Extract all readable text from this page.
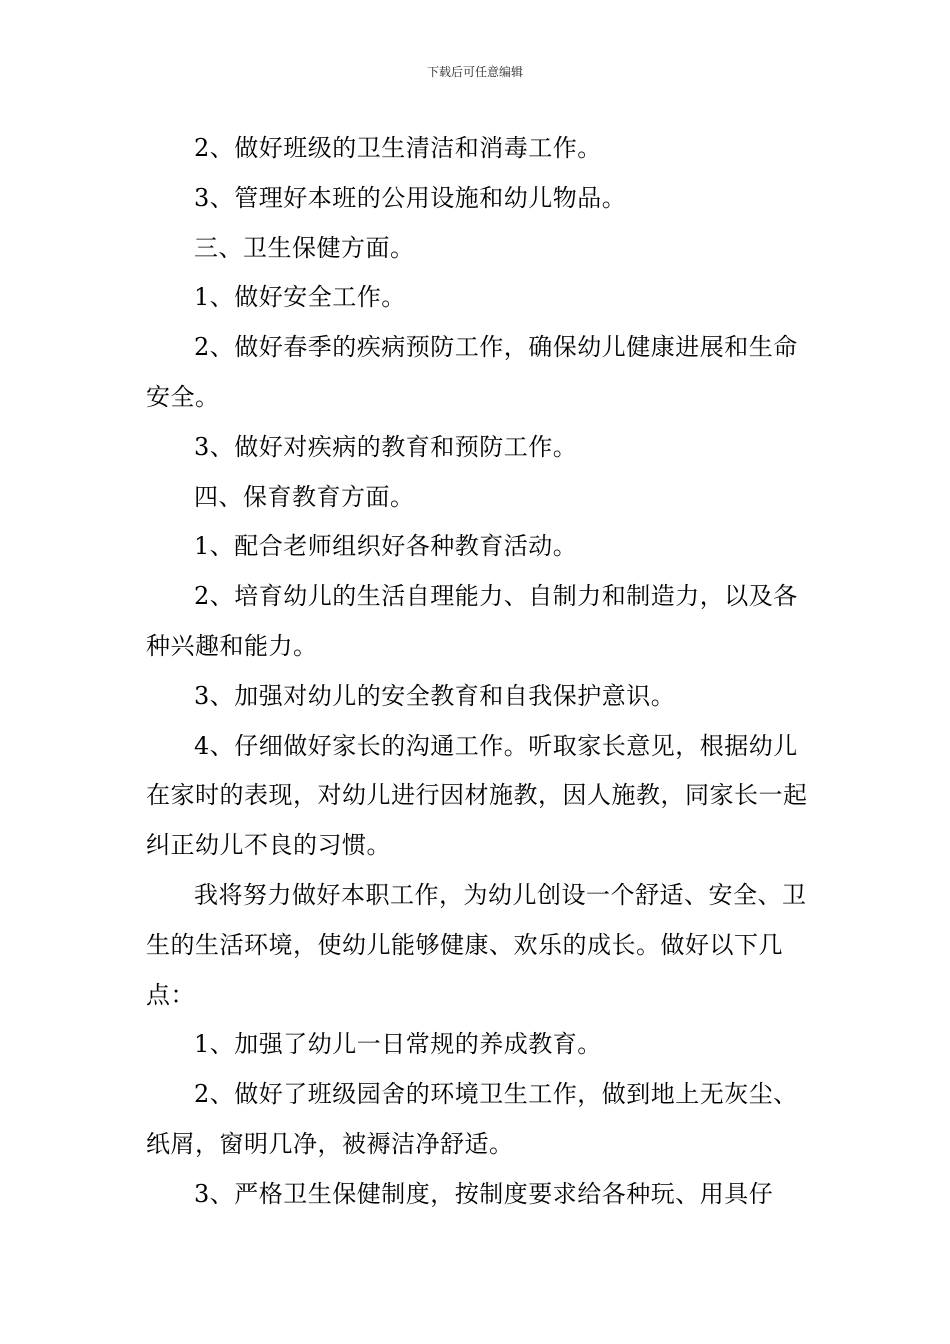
下载后可任意编辑

2、做好班级的卫生清洁和消毒工作。

3、管理好本班的公用设施和幼儿物品。

三、卫生保健方面。

1、做好安全工作。

2、做好春季的疾病预防工作，确保幼儿健康进展和生命安全。

3、做好对疾病的教育和预防工作。

四、保育教育方面。

1、配合老师组织好各种教育活动。

2、培育幼儿的生活自理能力、自制力和制造力，以及各种兴趣和能力。

3、加强对幼儿的安全教育和自我保护意识。

4、仔细做好家长的沟通工作。听取家长意见，根据幼儿在家时的表现，对幼儿进行因材施教，因人施教，同家长一起纠正幼儿不良的习惯。

我将努力做好本职工作，为幼儿创设一个舒适、安全、卫生的生活环境，使幼儿能够健康、欢乐的成长。做好以下几点：

1、加强了幼儿一日常规的养成教育。

2、做好了班级园舍的环境卫生工作，做到地上无灰尘、纸屑，窗明几净，被褥洁净舒适。

3、严格卫生保健制度，按制度要求给各种玩、用具仔
